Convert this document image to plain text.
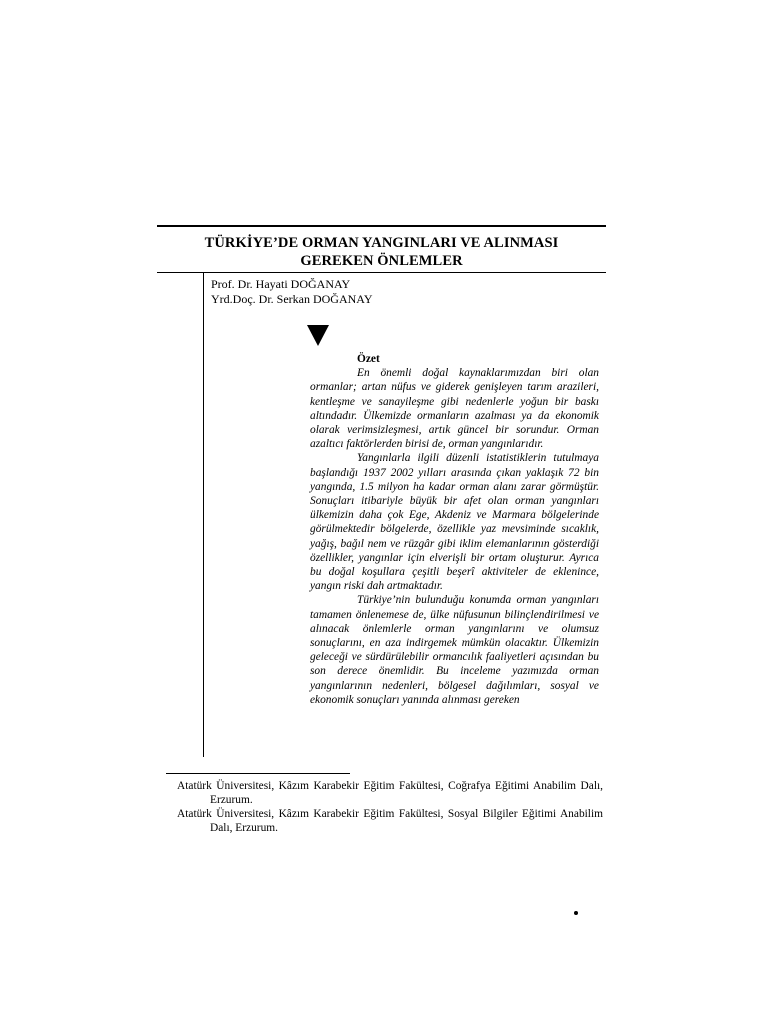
TÜRKİYE’DE ORMAN YANGINLARI VE ALINMASI
GEREKEN ÖNLEMLER
Prof. Dr. Hayati DOĞANAY
Yrd.Doç. Dr. Serkan DOĞANAY
Özet

En önemli doğal kaynaklarımızdan biri olan ormanlar; artan nüfus ve giderek genişleyen tarım arazileri, kentleşme ve sanayileşme gibi nedenlerle yoğun bir baskı altındadır. Ülkemizde ormanların azalması ya da ekonomik olarak verimsizleşmesi, artık güncel bir sorundur. Orman azaltıcı faktörlerden birisi de, orman yangınlarıdır.

Yangınlarla ilgili düzenli istatistiklerin tutulmaya başlandığı 1937 2002 yılları arasında çıkan yaklaşık 72 bin yangında, 1.5 milyon ha kadar orman alanı zarar görmüştür. Sonuçları itibariyle büyük bir afet olan orman yangınları ülkemizin daha çok Ege, Akdeniz ve Marmara bölgelerinde görülmektedir bölgelerde, özellikle yaz mevsiminde sıcaklık, yağış, bağıl nem ve rüzgâr gibi iklim elemanlarının gösterdiği özellikler, yangınlar için elverişli bir ortam oluşturur. Ayrıca bu doğal koşullara çeşitli beşerî aktiviteler de eklenince, yangın riski dah artmaktadır.

Türkiye’nin bulunduğu konumda orman yangınları tamamen önlenemese de, ülke nüfusunun bilinçlendirilmesi ve alınacak önlemlerle orman yangınlarını ve olumsuz sonuçlarını, en aza indirgemek mümkün olacaktır. Ülkemizin geleceği ve sürdürülebilir ormancılık faaliyetleri açısından bu son derece önemlidir. Bu inceleme yazımızda orman yangınlarının nedenleri, bölgesel dağılımları, sosyal ve ekonomik sonuçları yanında alınması gereken

Atatürk Üniversitesi, Kâzım Karabekir Eğitim Fakültesi, Coğrafya Eğitimi Anabilim Dalı, Erzurum.

Atatürk Üniversitesi, Kâzım Karabekir Eğitim Fakültesi, Sosyal Bilgiler Eğitimi Anabilim Dalı, Erzurum.
